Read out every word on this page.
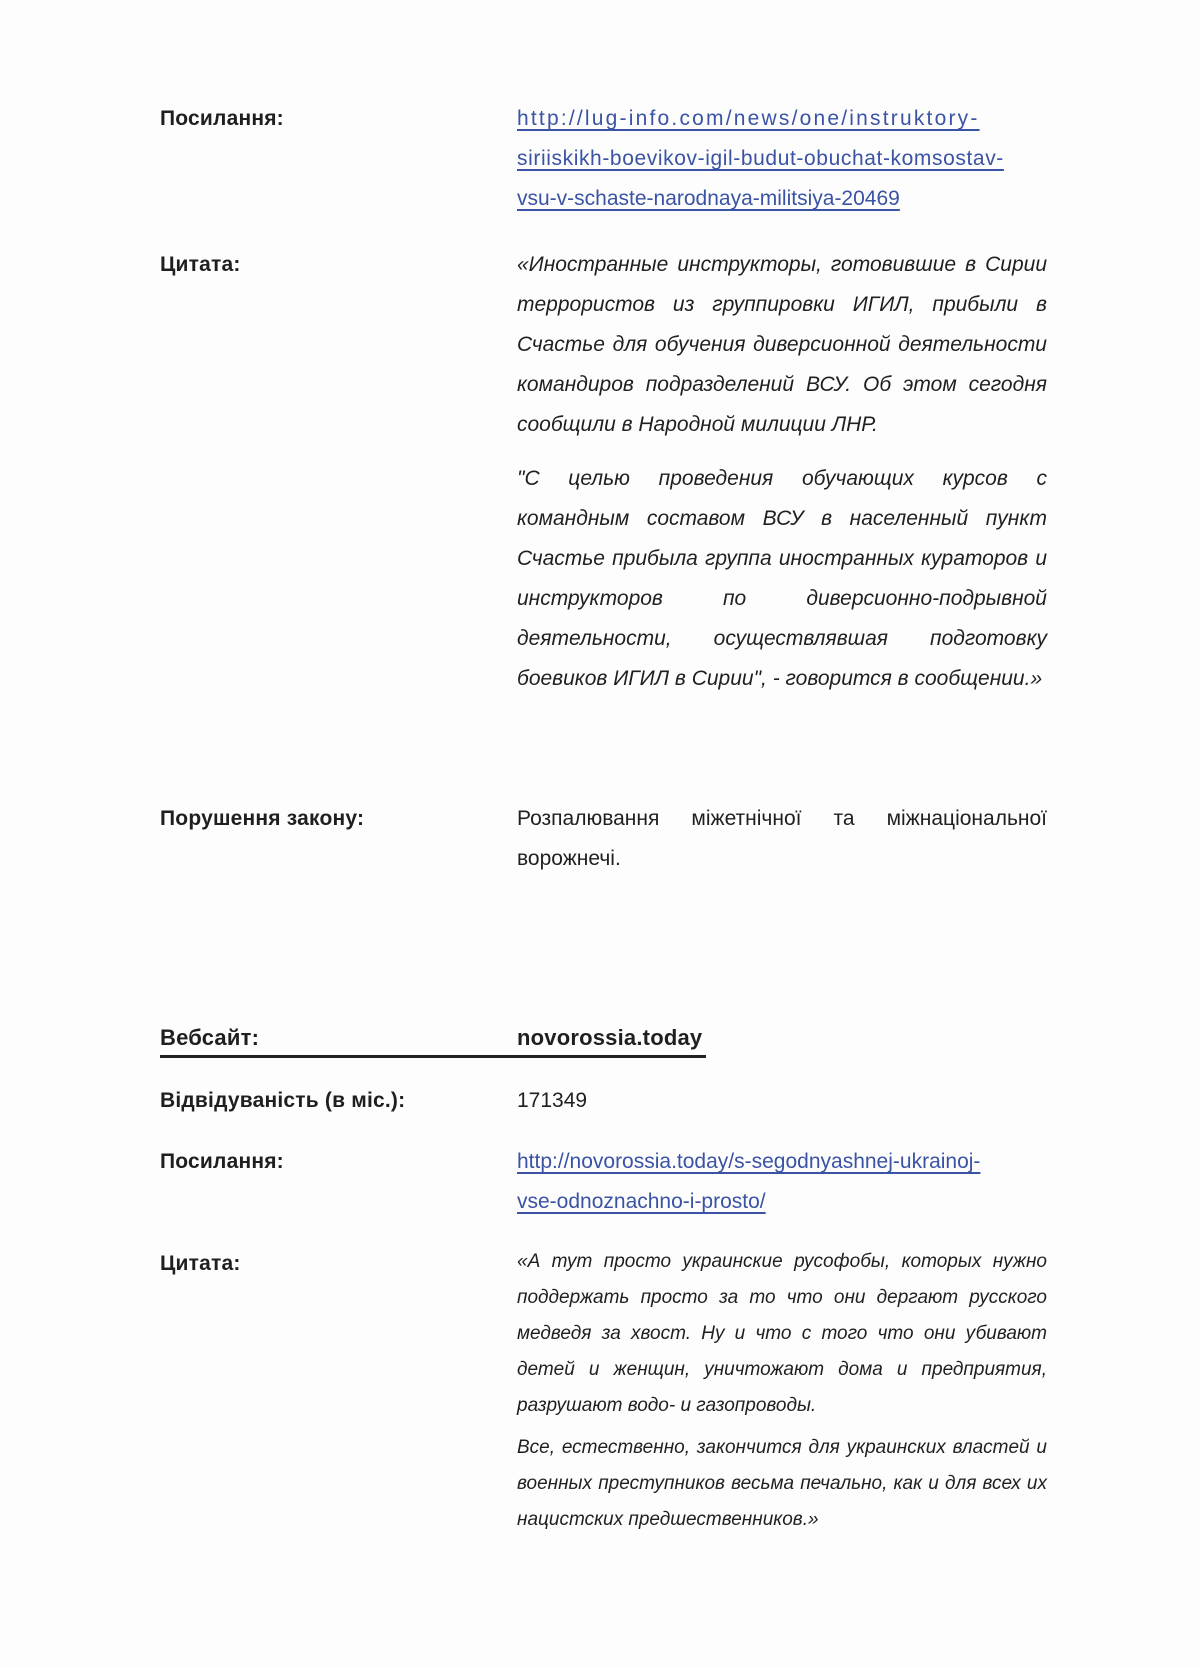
Посилання:	http://lug-info.com/news/one/instruktory-
siriiskikh-boevikov-igil-budut-obuchat-komsostav-
vsu-v-schaste-narodnaya-militsiya-20469
Цитата:	«Иностранные инструкторы, готовившие в Сирии террористов из группировки ИГИЛ, прибыли в Счастье для обучения диверсионной деятельности командиров подразделений ВСУ. Об этом сегодня сообщили в Народной милиции ЛНР.

"С целью проведения обучающих курсов с командным составом ВСУ в населенный пункт Счастье прибыла группа иностранных кураторов и инструкторов по диверсионно-подрывной деятельности, осуществлявшая подготовку боевиков ИГИЛ в Сирии", - говорится в сообщении.»

Порушення закону:	Розпалювання міжетнічної та міжнаціональної ворожнечі.
Вебсайт:	novorossia.today
Відвідуваність (в міс.):	171349
Посилання:	http://novorossia.today/s-segodnyashnej-ukrainoj-
vse-odnoznachno-i-prosto/
Цитата:	«А тут просто украинские русофобы, которых нужно поддержать просто за то что они дергают русского медведя за хвост. Ну и что с того что они убивают детей и женщин, уничтожают дома и предприятия, разрушают водо- и газопроводы.

Все, естественно, закончится для украинских властей и военных преступников весьма печально, как и для всех их нацистских предшественников.»
